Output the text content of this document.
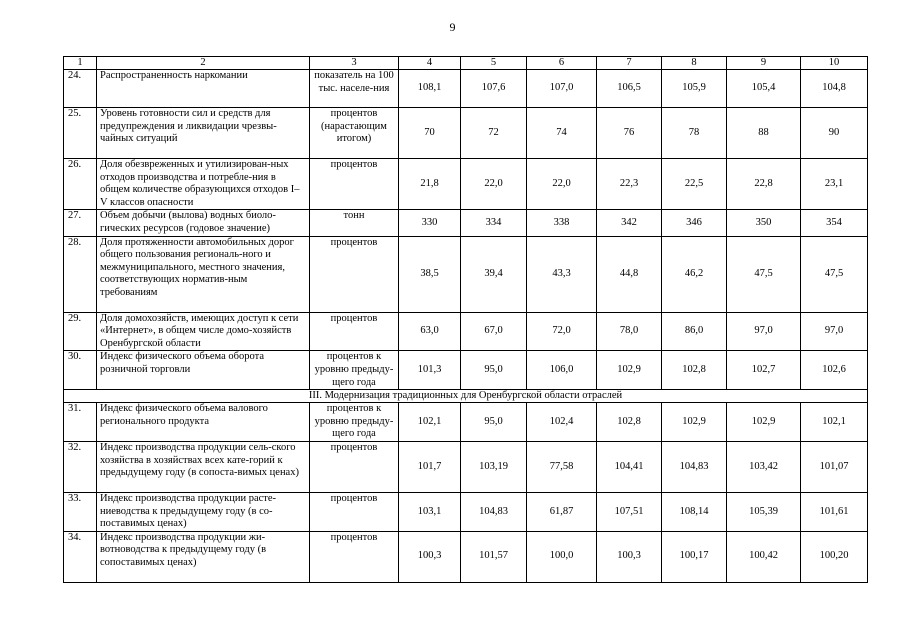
9
1	2	3	4	5	6	7	8	9	10
24.	Распространенность наркомании	показатель на 100 тыс. населе-ния	108,1	107,6	107,0	106,5	105,9	105,4	104,8
25.	Уровень готовности сил и средств для предупреждения и ликвидации чрезвы-чайных ситуаций	процентов (нарастающим итогом)	70	72	74	76	78	88	90
26.	Доля обезвреженных и утилизирован-ных отходов производства и потребле-ния в общем количестве образующихся отходов I–V классов опасности	процентов	21,8	22,0	22,0	22,3	22,5	22,8	23,1
27.	Объем добычи (вылова) водных биоло-гических ресурсов (годовое значение)	тонн	330	334	338	342	346	350	354
28.	Доля протяженности автомобильных дорог общего пользования региональ-ного и межмуниципального, местного значения, соответствующих норматив-ным требованиям	процентов	38,5	39,4	43,3	44,8	46,2	47,5	47,5
29.	Доля домохозяйств, имеющих доступ к сети «Интернет», в общем числе домо-хозяйств Оренбургской области	процентов	63,0	67,0	72,0	78,0	86,0	97,0	97,0
30.	Индекс физического объема оборота розничной торговли	процентов к уровню предыду-щего года	101,3	95,0	106,0	102,9	102,8	102,7	102,6
III. Модернизация традиционных для Оренбургской области отраслей									
31.	Индекс физического объема валового регионального продукта	процентов к уровню предыду-щего года	102,1	95,0	102,4	102,8	102,9	102,9	102,1
32.	Индекс производства продукции сель-ского хозяйства в хозяйствах всех кате-горий к предыдущему году (в сопоста-вимых ценах)	процентов	101,7	103,19	77,58	104,41	104,83	103,42	101,07
33.	Индекс производства продукции расте-ниеводства к предыдущему году (в со-поставимых ценах)	процентов	103,1	104,83	61,87	107,51	108,14	105,39	101,61
34.	Индекс производства продукции жи-вотноводства к предыдущему году (в сопоставимых ценах)	процентов	100,3	101,57	100,0	100,3	100,17	100,42	100,20
